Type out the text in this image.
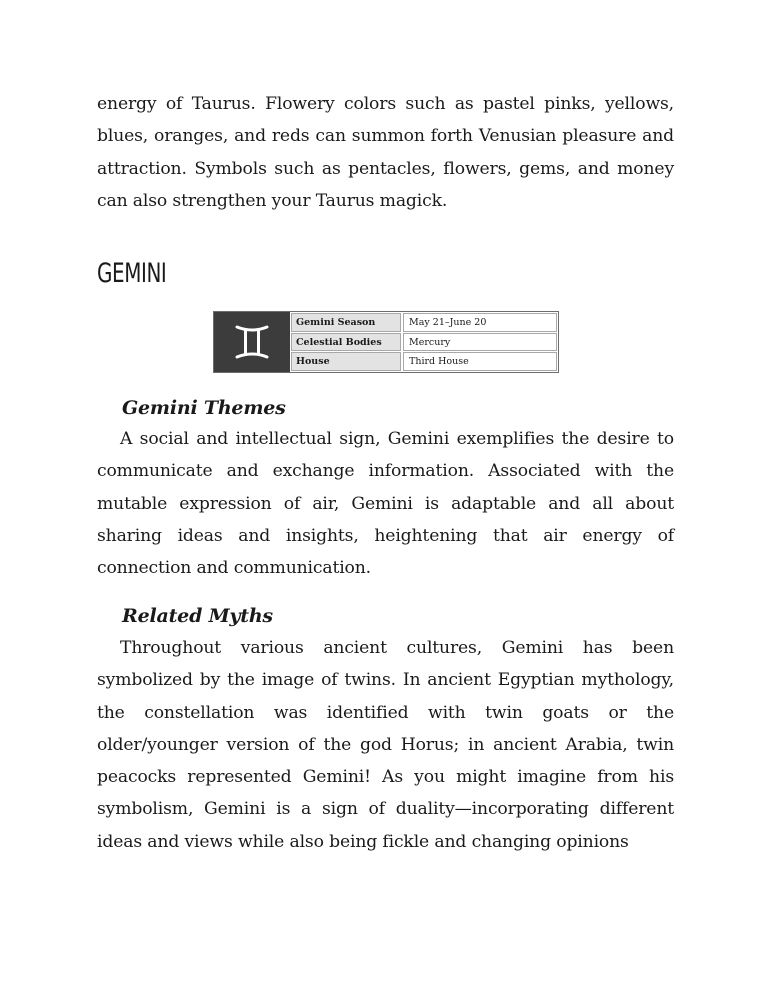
energy of Taurus. Flowery colors such as pastel pinks, yellows, blues, oranges, and reds can summon forth Venusian pleasure and attraction. Symbols such as pentacles, flowers, gems, and money can also strengthen your Taurus magick.

GEMINI
Gemini Season	May 21–June 20
Celestial Bodies	Mercury
House	Third House
Gemini Themes

A social and intellectual sign, Gemini exemplifies the desire to communicate and exchange information. Associated with the mutable expression of air, Gemini is adaptable and all about sharing ideas and insights, heightening that air energy of connection and communication.

Related Myths

Throughout various ancient cultures, Gemini has been symbolized by the image of twins. In ancient Egyptian mythology, the constellation was identified with twin goats or the older/younger version of the god Horus; in ancient Arabia, twin peacocks represented Gemini! As you might imagine from his symbolism, Gemini is a sign of duality—incorporating different ideas and views while also being fickle and changing opinions
